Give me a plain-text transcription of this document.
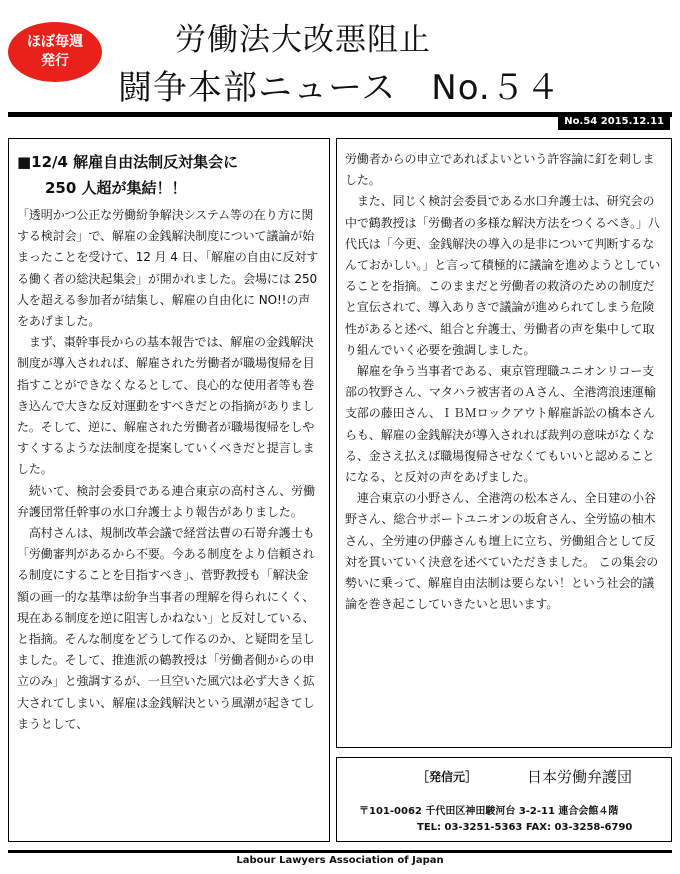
ほぼ毎週
発行
労働法大改悪阻止
闘争本部ニュース　No.５４
No.54 2015.12.11
■12/4 解雇自由法制反対集会に
250 人超が集結！！

「透明かつ公正な労働紛争解決システム等の在り方に関する検討会」で、解雇の金銭解決制度について議論が始まったことを受けて、12 月 4 日、「解雇の自由に反対する働く者の総決起集会」が開かれました。会場には 250 人を超える参加者が結集し、解雇の自由化に NO!!の声をあげました。

　まず、棗幹事長からの基本報告では、解雇の金銭解決制度が導入されれば、解雇された労働者が職場復帰を目指すことができなくなるとして、良心的な使用者等も巻き込んで大きな反対運動をすべきだとの指摘がありました。そして、逆に、解雇された労働者が職場復帰をしやすくするような法制度を提案していくべきだと提言しました。

　続いて、検討会委員である連合東京の高村さん、労働弁護団常任幹事の水口弁護士より報告がありました。

　高村さんは、規制改革会議で経営法曹の石嵜弁護士も「労働審判があるから不要。今ある制度をより信頼される制度にすることを目指すべき」、菅野教授も「解決金額の画一的な基準は紛争当事者の理解を得られにくく、現在ある制度を逆に阻害しかねない」と反対している、と指摘。そんな制度をどうして作るのか、と疑問を呈しました。そして、推進派の鶴教授は「労働者側からの申立のみ」と強調するが、一旦空いた風穴は必ず大きく拡大されてしまい、解雇は金銭解決という風潮が起きてしまうとして、

労働者からの申立であればよいという許容論に釘を刺しました。

　また、同じく検討会委員である水口弁護士は、研究会の中で鶴教授は「労働者の多様な解決方法をつくるべき。」八代氏は「今更、金銭解決の導入の是非について判断するなんておかしい。」と言って積極的に議論を進めようとしていることを指摘。このままだと労働者の救済のための制度だと宣伝されて、導入ありきで議論が進められてしまう危険性があると述べ、組合と弁護士、労働者の声を集中して取り組んでいく必要を強調しました。

　解雇を争う当事者である、東京管理職ユニオンリコー支部の牧野さん、マタハラ被害者のＡさん、全港湾浪速運輸支部の藤田さん、ＩＢＭロックアウト解雇訴訟の橋本さんらも、解雇の金銭解決が導入されれば裁判の意味がなくなる、金さえ払えば職場復帰させなくてもいいと認めることになる、と反対の声をあげました。

　連合東京の小野さん、全港湾の松本さん、全日建の小谷野さん、総合サポートユニオンの坂倉さん、全労協の柚木さん、全労連の伊藤さんも壇上に立ち、労働組合として反対を貫いていく決意を述べていただきました。 この集会の勢いに乗って、解雇自由法制は要らない！という社会的議論を巻き起こしていきたいと思います。

［発信元］	日本労働弁護団
〒101-0062 千代田区神田駿河台 3-2-11 連合会館４階
TEL: 03-3251-5363 FAX: 03-3258-6790
Labour Lawyers Association of Japan
